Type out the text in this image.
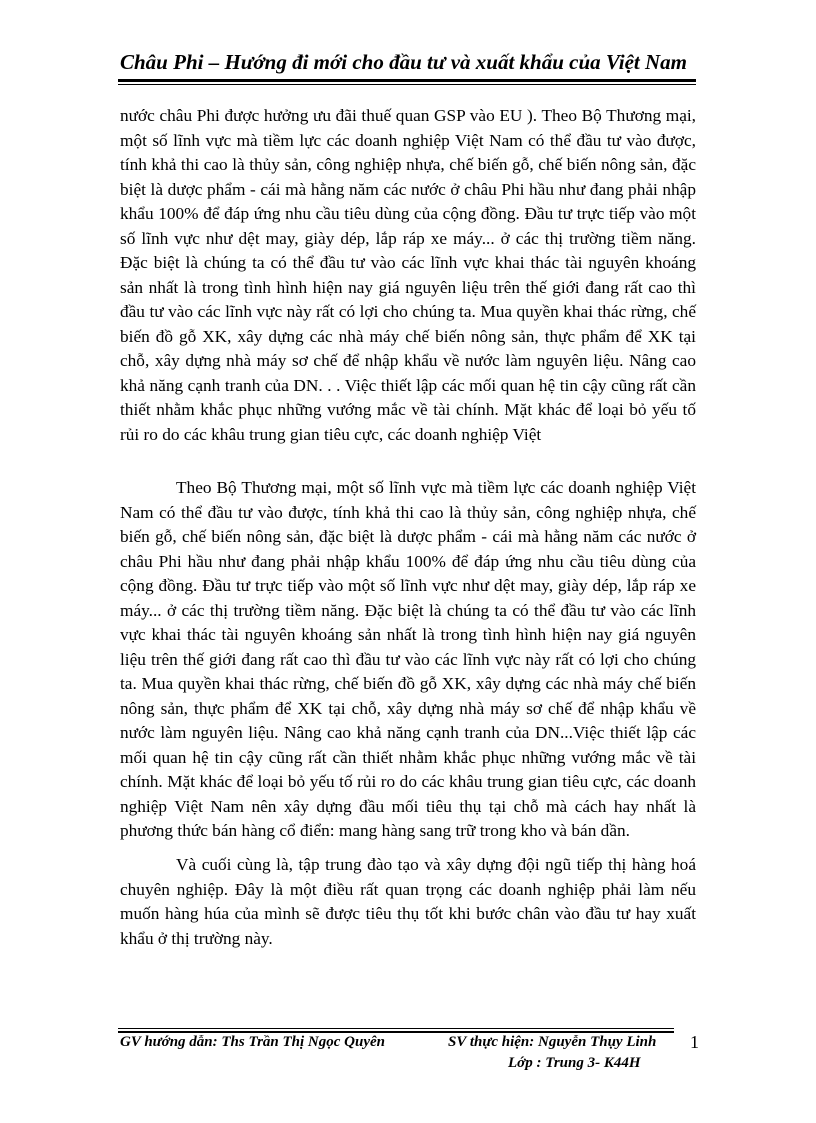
Châu Phi – Hướng đi mới cho đầu tư và xuất khẩu của Việt Nam

nước châu Phi được hưởng ưu đãi thuế quan GSP vào EU ). Theo Bộ Thương mại, một số lĩnh vực mà tiềm lực các doanh nghiệp Việt Nam có thể đầu tư vào được, tính khả thi cao là thủy sản, công nghiệp nhựa, chế biến gỗ, chế biến nông sản, đặc biệt là dược phẩm - cái mà hằng năm các nước ở châu Phi hầu như đang phải nhập khẩu 100% để đáp ứng nhu cầu tiêu dùng của cộng đồng. Đầu tư trực tiếp vào một số lĩnh vực như dệt may, giày dép, lắp ráp xe máy... ở các thị trường tiềm năng. Đặc biệt là chúng ta có thể đầu tư vào các lĩnh vực khai thác tài nguyên khoáng sản nhất là trong tình hình hiện nay giá nguyên liệu trên thế giới đang rất cao thì đầu tư vào các lĩnh vực này rất có lợi cho chúng ta. Mua quyền khai thác rừng, chế biến đồ gỗ XK, xây dựng các nhà máy chế biến nông sản, thực phẩm để XK tại chỗ, xây dựng nhà máy sơ chế để nhập khẩu về nước làm nguyên liệu. Nâng cao khả năng cạnh tranh của DN. . . Việc thiết lập các mối quan hệ tin cậy cũng rất cần thiết nhằm khắc phục những vướng mắc về tài chính. Mặt khác để loại bỏ yếu tố rủi ro do các khâu trung gian tiêu cực, các doanh nghiệp Việt

Theo Bộ Thương mại, một số lĩnh vực mà tiềm lực các doanh nghiệp Việt Nam có thể đầu tư vào được, tính khả thi cao là thủy sản, công nghiệp nhựa, chế biến gỗ, chế biến nông sản, đặc biệt là dược phẩm - cái mà hằng năm các nước ở châu Phi hầu như đang phải nhập khẩu 100% để đáp ứng nhu cầu tiêu dùng của cộng đồng. Đầu tư trực tiếp vào một số lĩnh vực như dệt may, giày dép, lắp ráp xe máy... ở các thị trường tiềm năng. Đặc biệt là chúng ta có thể đầu tư vào các lĩnh vực khai thác tài nguyên khoáng sản nhất là trong tình hình hiện nay giá nguyên liệu trên thế giới đang rất cao thì đầu tư vào các lĩnh vực này rất có lợi cho chúng ta. Mua quyền khai thác rừng, chế biến đồ gỗ XK, xây dựng các nhà máy chế biến nông sản, thực phẩm để XK tại chỗ, xây dựng nhà máy sơ chế để nhập khẩu về nước làm nguyên liệu. Nâng cao khả năng cạnh tranh của DN...Việc thiết lập các mối quan hệ tin cậy cũng rất cần thiết nhằm khắc phục những vướng mắc về tài chính. Mặt khác để loại bỏ yếu tố rủi ro do các khâu trung gian tiêu cực, các doanh nghiệp Việt Nam nên xây dựng đầu mối tiêu thụ tại chỗ mà cách hay nhất là phương thức bán hàng cổ điển: mang hàng sang trữ trong kho và bán dần.

Và cuối cùng là, tập trung đào tạo và xây dựng đội ngũ tiếp thị hàng hoá chuyên nghiệp. Đây là một điều rất quan trọng các doanh nghiệp phải làm nếu muốn hàng húa của mình sẽ được tiêu thụ tốt khi bước chân vào đầu tư hay xuất khẩu ở thị trường này.

GV hướng dẫn: Ths Trần Thị Ngọc Quyên	SV thực hiện: Nguyễn Thụy Linh
Lớp : Trung 3- K44H
1
